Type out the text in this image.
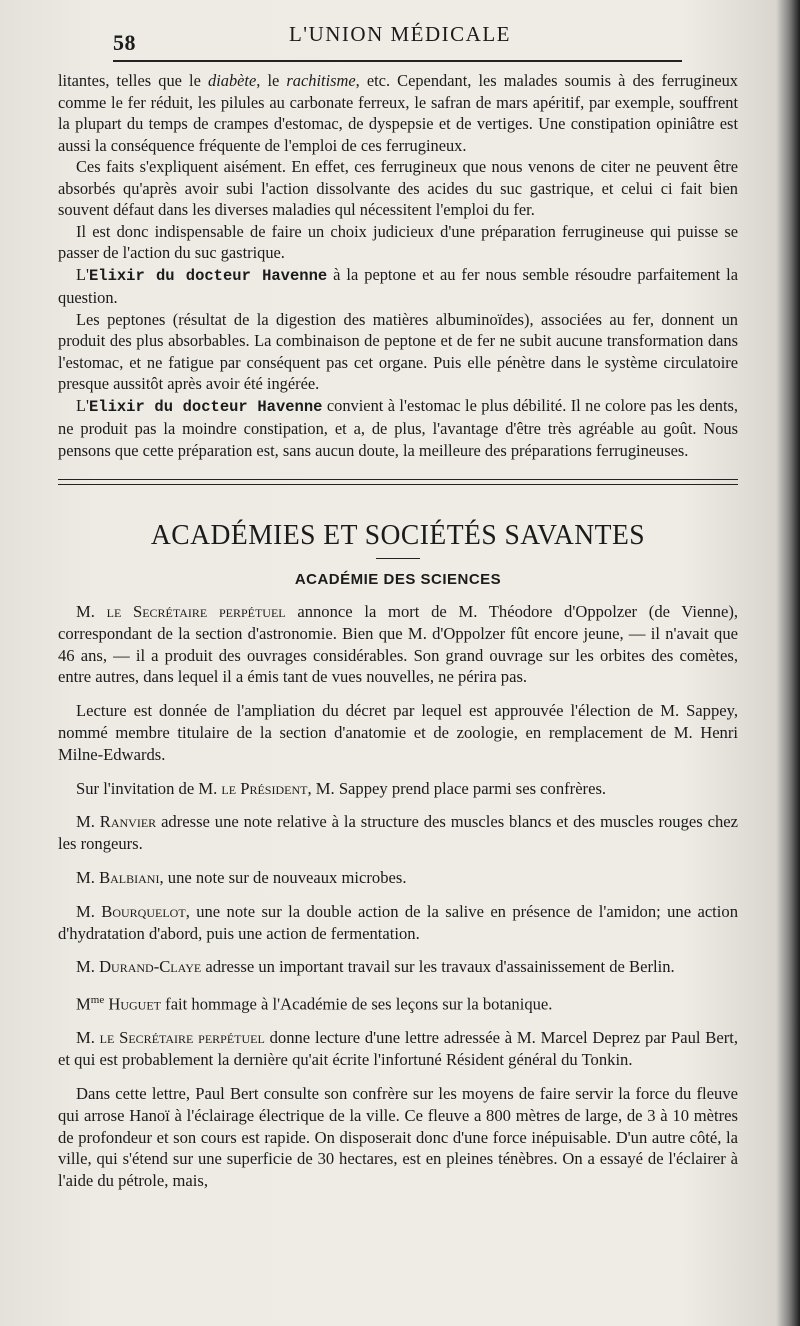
58	L'UNION MÉDICALE

litantes, telles que le diabète, le rachitisme, etc. Cependant, les malades soumis à des ferrugineux comme le fer réduit, les pilules au carbonate ferreux, le safran de mars apéritif, par exemple, souffrent la plupart du temps de crampes d'estomac, de dyspepsie et de vertiges. Une constipation opiniâtre est aussi la conséquence fréquente de l'emploi de ces ferrugineux.

Ces faits s'expliquent aisément. En effet, ces ferrugineux que nous venons de citer ne peuvent être absorbés qu'après avoir subi l'action dissolvante des acides du suc gastrique, et celui ci fait bien souvent défaut dans les diverses maladies qul nécessitent l'emploi du fer.

Il est donc indispensable de faire un choix judicieux d'une préparation ferrugineuse qui puisse se passer de l'action du suc gastrique.

L'Elixir du docteur Havenne à la peptone et au fer nous semble résoudre parfaitement la question.

Les peptones (résultat de la digestion des matières albuminoïdes), associées au fer, donnent un produit des plus absorbables. La combinaison de peptone et de fer ne subit aucune transformation dans l'estomac, et ne fatigue par conséquent pas cet organe. Puis elle pénètre dans le système circulatoire presque aussitôt après avoir été ingérée.

L'Elixir du docteur Havenne convient à l'estomac le plus débilité. Il ne colore pas les dents, ne produit pas la moindre constipation, et a, de plus, l'avantage d'être très agréable au goût. Nous pensons que cette préparation est, sans aucun doute, la meilleure des préparations ferrugineuses.

ACADÉMIES ET SOCIÉTÉS SAVANTES
ACADÉMIE DES SCIENCES

M. le Secrétaire perpétuel annonce la mort de M. Théodore d'Oppolzer (de Vienne), correspondant de la section d'astronomie. Bien que M. d'Oppolzer fût encore jeune, — il n'avait que 46 ans, — il a produit des ouvrages considérables. Son grand ouvrage sur les orbites des comètes, entre autres, dans lequel il a émis tant de vues nouvelles, ne périra pas.

Lecture est donnée de l'ampliation du décret par lequel est approuvée l'élection de M. Sappey, nommé membre titulaire de la section d'anatomie et de zoologie, en remplacement de M. Henri Milne-Edwards.

Sur l'invitation de M. le Président, M. Sappey prend place parmi ses confrères.

M. Ranvier adresse une note relative à la structure des muscles blancs et des muscles rouges chez les rongeurs.

M. Balbiani, une note sur de nouveaux microbes.

M. Bourquelot, une note sur la double action de la salive en présence de l'amidon; une action d'hydratation d'abord, puis une action de fermentation.

M. Durand-Claye adresse un important travail sur les travaux d'assainissement de Berlin.

$M^{me}$ Huguet fait hommage à l'Académie de ses leçons sur la botanique.

M. le Secrétaire perpétuel donne lecture d'une lettre adressée à M. Marcel Deprez par Paul Bert, et qui est probablement la dernière qu'ait écrite l'infortuné Résident général du Tonkin.

Dans cette lettre, Paul Bert consulte son confrère sur les moyens de faire servir la force du fleuve qui arrose Hanoï à l'éclairage électrique de la ville. Ce fleuve a 800 mètres de large, de 3 à 10 mètres de profondeur et son cours est rapide. On disposerait donc d'une force inépuisable. D'un autre côté, la ville, qui s'étend sur une superficie de 30 hectares, est en pleines ténèbres. On a essayé de l'éclairer à l'aide du pétrole, mais,
